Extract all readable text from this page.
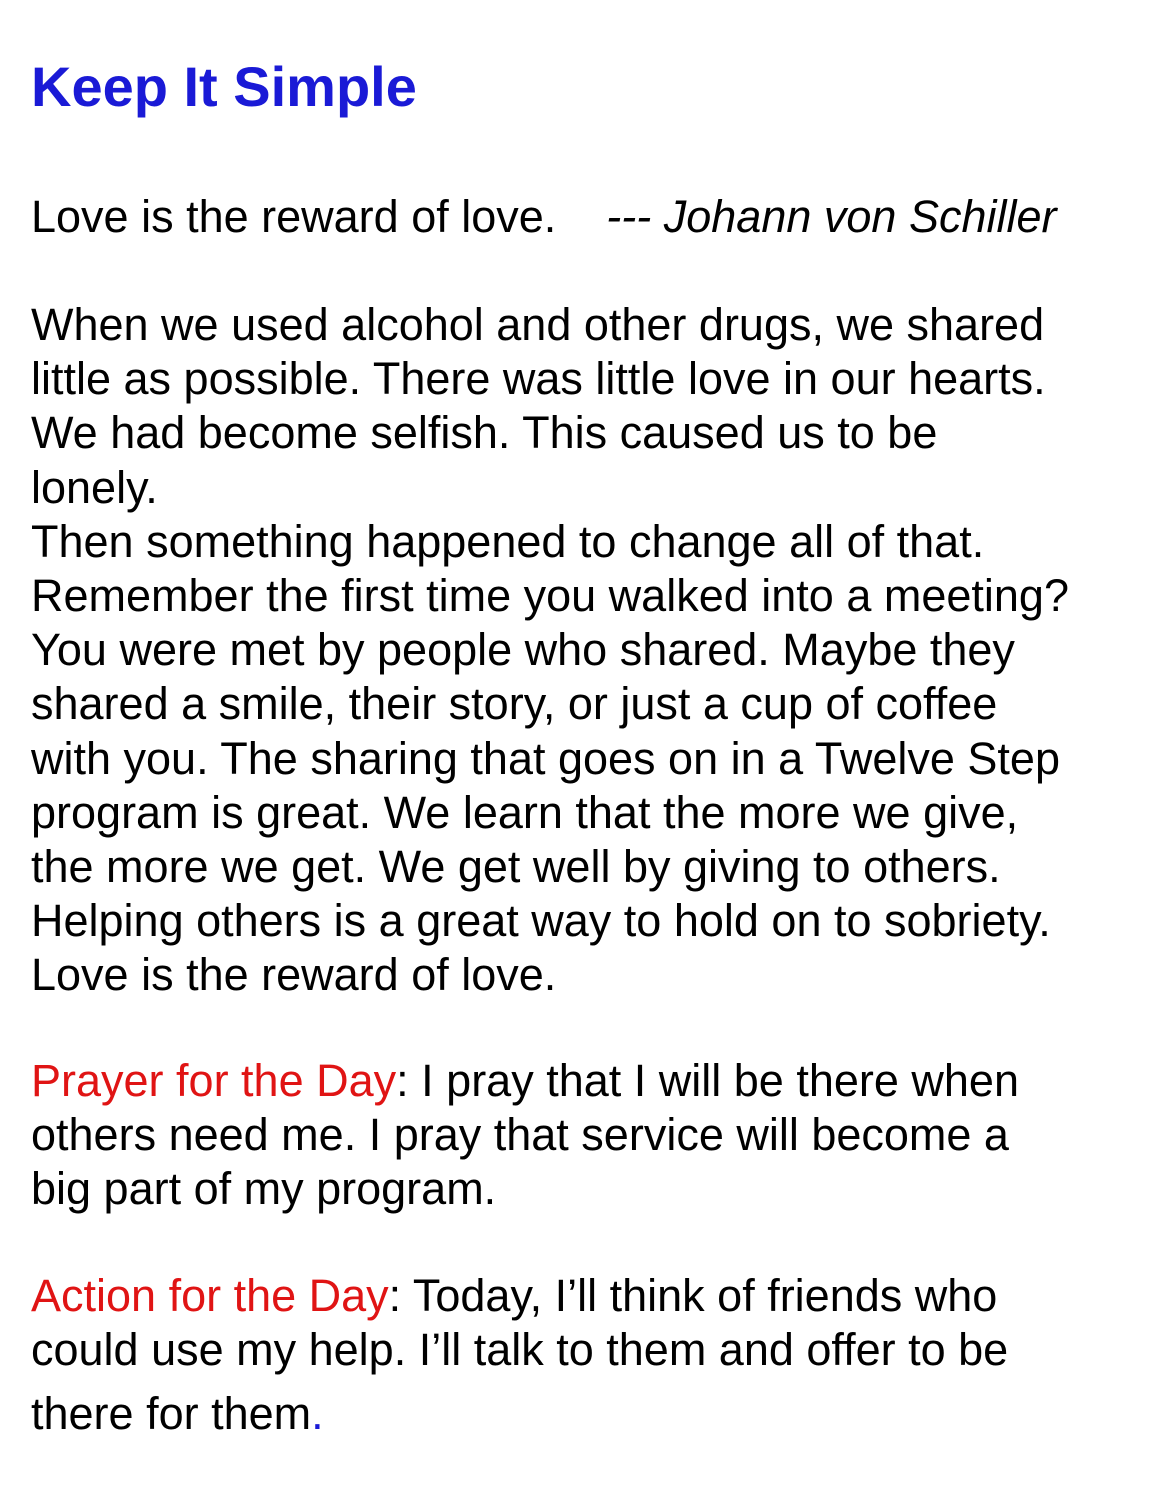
Keep It Simple

Love is the reward of love. --- Johann von Schiller

When we used alcohol and other drugs, we shared
little as possible. There was little love in our hearts.
We had become selfish. This caused us to be
lonely.
Then something happened to change all of that.
Remember the first time you walked into a meeting?
You were met by people who shared. Maybe they
shared a smile, their story, or just a cup of coffee
with you. The sharing that goes on in a Twelve Step
program is great. We learn that the more we give,
the more we get. We get well by giving to others.
Helping others is a great way to hold on to sobriety.
Love is the reward of love.

Prayer for the Day: I pray that I will be there when
others need me. I pray that service will become a
big part of my program.

Action for the Day: Today, I’ll think of friends who
could use my help. I’ll talk to them and offer to be
there for them.
